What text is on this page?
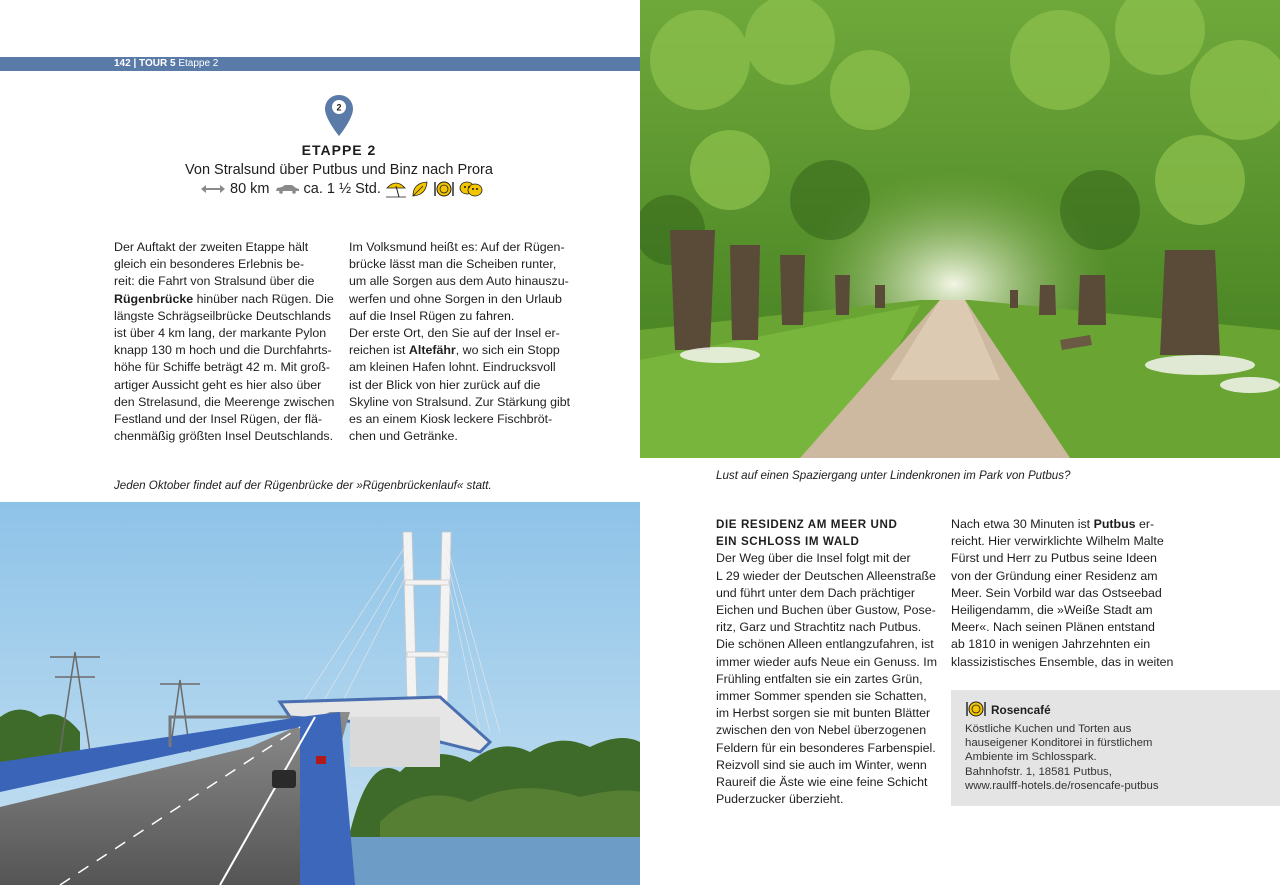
142 | TOUR 5 Etappe 2
2
ETAPPE 2
Von Stralsund über Putbus und Binz nach Prora
80 km ca. 1 ½ Std.
Der Auftakt der zweiten Etappe hält
gleich ein besonderes Erlebnis be-
reit: die Fahrt von Stralsund über die
Rügenbrücke hinüber nach Rügen. Die
längste Schrägseilbrücke Deutschlands
ist über 4 km lang, der markante Pylon
knapp 130 m hoch und die Durchfahrts-
höhe für Schiffe beträgt 42 m. Mit groß-
artiger Aussicht geht es hier also über
den Strelasund, die Meerenge zwischen
Festland und der Insel Rügen, der flä-
chenmäßig größten Insel Deutschlands.
Im Volksmund heißt es: Auf der Rügen-
brücke lässt man die Scheiben runter,
um alle Sorgen aus dem Auto hinauszu-
werfen und ohne Sorgen in den Urlaub
auf die Insel Rügen zu fahren.
Der erste Ort, den Sie auf der Insel er-
reichen ist Altefähr, wo sich ein Stopp
am kleinen Hafen lohnt. Eindrucksvoll
ist der Blick von hier zurück auf die
Skyline von Stralsund. Zur Stärkung gibt
es an einem Kiosk leckere Fischbröt-
chen und Getränke.
Jeden Oktober findet auf der Rügenbrücke der »Rügenbrückenlauf« statt.
Lust auf einen Spaziergang unter Lindenkronen im Park von Putbus?
DIE RESIDENZ AM MEER UND
EIN SCHLOSS IM WALD
Der Weg über die Insel folgt mit der
L 29 wieder der Deutschen Alleenstraße
und führt unter dem Dach prächtiger
Eichen und Buchen über Gustow, Pose-
ritz, Garz und Strachtitz nach Putbus.
Die schönen Alleen entlangzufahren, ist
immer wieder aufs Neue ein Genuss. Im
Frühling entfalten sie ein zartes Grün,
immer Sommer spenden sie Schatten,
im Herbst sorgen sie mit bunten Blätter
zwischen den von Nebel überzogenen
Feldern für ein besonderes Farbenspiel.
Reizvoll sind sie auch im Winter, wenn
Raureif die Äste wie eine feine Schicht
Puderzucker überzieht.
Nach etwa 30 Minuten ist Putbus er-
reicht. Hier verwirklichte Wilhelm Malte
Fürst und Herr zu Putbus seine Ideen
von der Gründung einer Residenz am
Meer. Sein Vorbild war das Ostseebad
Heiligendamm, die »Weiße Stadt am
Meer«. Nach seinen Plänen entstand
ab 1810 in wenigen Jahrzehnten ein
klassizistisches Ensemble, das in weiten
Rosencafé
Köstliche Kuchen und Torten aus
hauseigener Konditorei in fürstlichem
Ambiente im Schlosspark.
Bahnhofstr. 1, 18581 Putbus,
www.raulff-hotels.de/rosencafe-putbus
